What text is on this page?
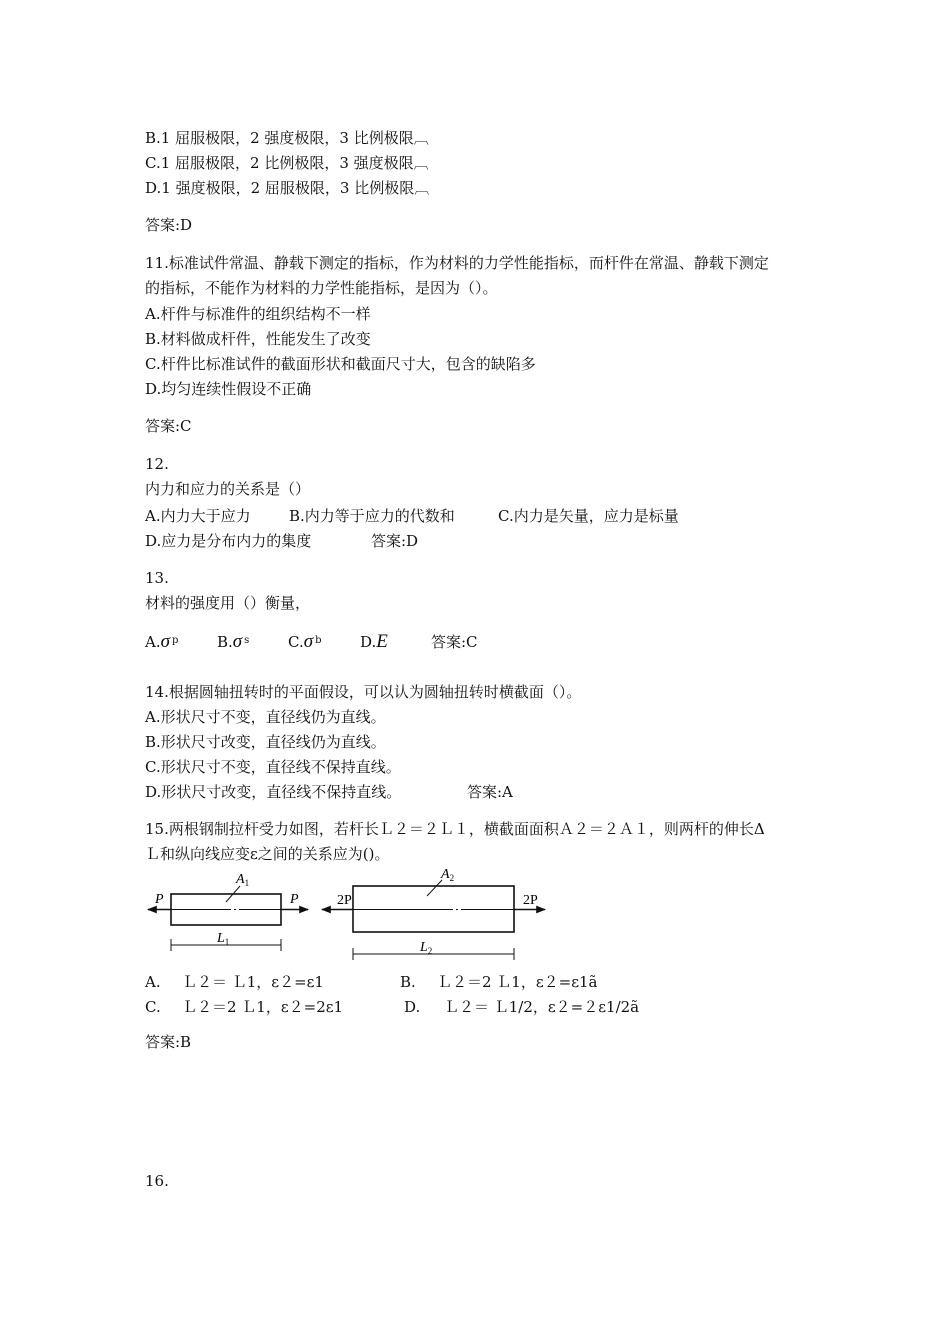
B.1 屈服极限，2 强度极限，3 比例极限︹
C.1 屈服极限，2 比例极限，3 强度极限︹
D.1 强度极限，2 屈服极限，3 比例极限︹
答案:D
11.标准试件常温、静载下测定的指标，作为材料的力学性能指标，而杆件在常温、静载下测定
的指标，不能作为材料的力学性能指标，是因为（）。
A.杆件与标准件的组织结构不一样
B.材料做成杆件，性能发生了改变
C.杆件比标准试件的截面形状和截面尺寸大，包含的缺陷多
D.均匀连续性假设不正确
答案:C
12.
内力和应力的关系是（）
A.内力大于应力	B.内力等于应力的代数和	C.内力是矢量，应力是标量
D.应力是分布内力的集度	答案:D
13.
材料的强度用（）衡量，
A.σ $^p$	B.σ $^s$	C.σ $^b$	D.E	答案:C
14.根据圆轴扭转时的平面假设，可以认为圆轴扭转时横截面（）。
A.形状尺寸不变，直径线仍为直线。
B.形状尺寸改变，直径线仍为直线。
C.形状尺寸不变，直径线不保持直线。
D.形状尺寸改变，直径线不保持直线。	答案:A
15.两根钢制拉杆受力如图，若杆长Ｌ２＝２Ｌ１，横截面面积Ａ２＝２Ａ１，则两杆的伸长Δ
Ｌ和纵向线应变ε之间的关系应为()。
P	P
$A_1$
$L_1$
2P	2P
$A_2$
$L_2$
A. Ｌ２＝ Ｌ1，ε２=ε1	B. Ｌ２＝2 Ｌ1，ε２=ε1ã
C. Ｌ２＝2 Ｌ1，ε２=2ε1	D. Ｌ２＝ Ｌ1/2，ε２=２ε1/2ã
答案:B
16.
